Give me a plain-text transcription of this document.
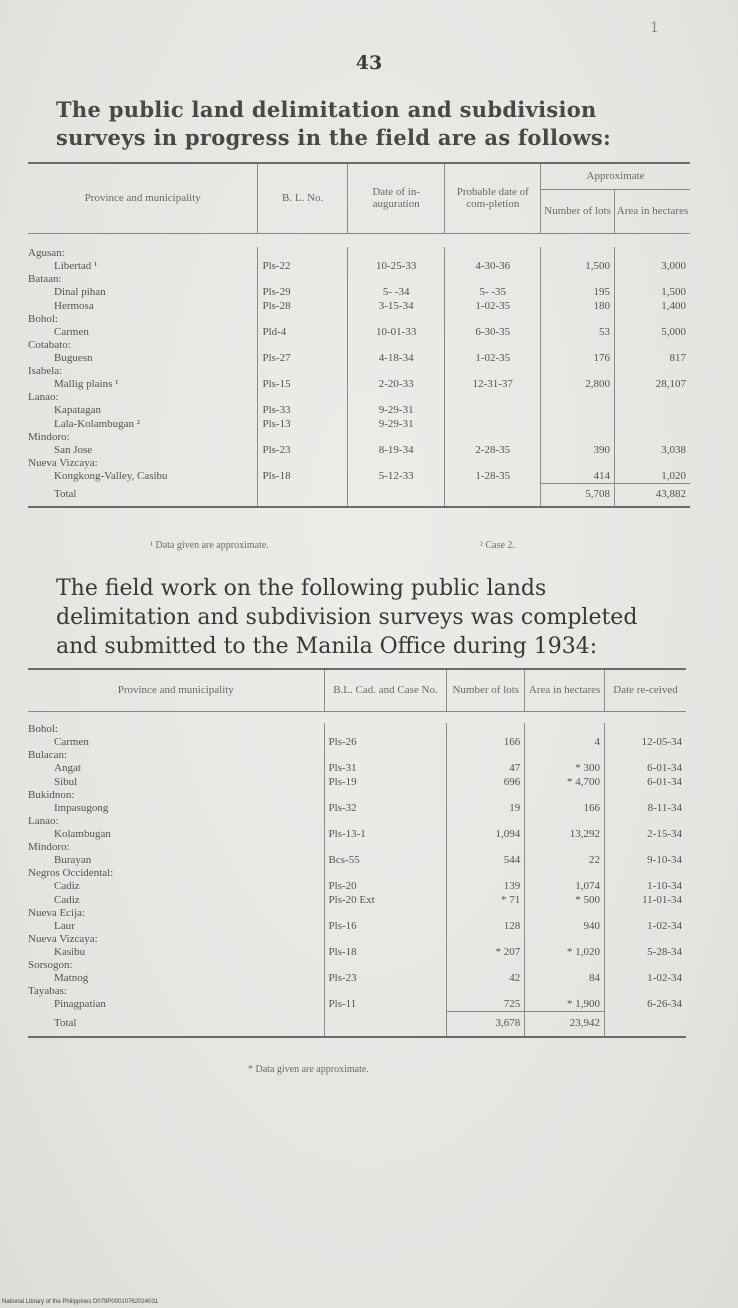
1
43
The public land delimitation and subdivision surveys in progress in the field are as follows:
Province and municipality	B. L. No.	Date of in-auguration	Probable date of com-pletion	Approximate	
				Number of lots	Area in hectares

Agusan:					
Libertad ¹	Pls-22	10-25-33	4-30-36	1,500	3,000
Bataan:					
Dinal pihan	Pls-29	5- -34	5- -35	195	1,500
Hermosa	Pls-28	3-15-34	1-02-35	180	1,400
Bohol:					
Carmen	Pld-4	10-01-33	6-30-35	53	5,000
Cotabato:					
Buguesn	Pls-27	4-18-34	1-02-35	176	817
Isabela:					
Mallig plains ¹	Pls-15	2-20-33	12-31-37	2,800	28,107
Lanao:					
Kapatagan	Pls-33	9-29-31			
Lala-Kolambugan ²	Pls-13	9-29-31			
Mindoro:					
San Jose	Pls-23	8-19-34	2-28-35	390	3,038
Nueva Vizcaya:					
Kongkong-Valley, Casibu	Pls-18	5-12-33	1-28-35	414	1,020
Total				5,708	43,882
¹ Data given are approximate.	² Case 2.
The field work on the following public lands delimitation and subdivision surveys was completed and submitted to the Manila Office during 1934:
Province and municipality	B.L. Cad. and Case No.	Number of lots	Area in hectares	Date re-ceived

Bohol:				
Carmen	Pls-26	166	4	12-05-34
Bulacan:				
Angat	Pls-31	47	* 300	6-01-34
Sibul	Pls-19	696	* 4,700	6-01-34
Bukidnon:				
Impasugong	Pls-32	19	166	8-11-34
Lanao:				
Kolambugan	Pls-13-1	1,094	13,292	2-15-34
Mindoro:				
Burayan	Bcs-55	544	22	9-10-34
Negros Occidental:				
Cadiz	Pls-20	139	1,074	1-10-34
Cadiz	Pls-20 Ext	* 71	* 500	11-01-34
Nueva Ecija:				
Laur	Pls-16	128	940	1-02-34
Nueva Vizcaya:				
Kasibu	Pls-18	* 207	* 1,020	5-28-34
Sorsogon:				
Matnog	Pls-23	42	84	1-02-34
Tayabas:				
Pinagpatian	Pls-11	725	* 1,900	6-26-34
Total		3,678	23,942	
* Data given are approximate.
National Library of the Philippines D079P00010762024031
